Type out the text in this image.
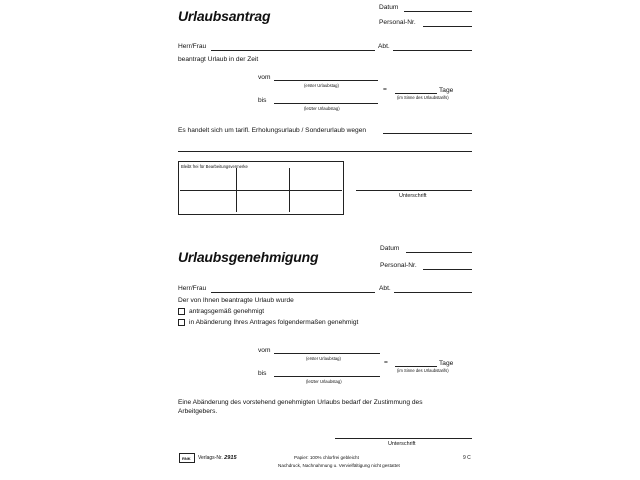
Urlaubsantrag
Datum
Personal-Nr.
Herr/Frau	Abt.
beantragt Urlaub in der Zeit
vom
(erster Urlaubstag)
bis
(letzter Urlaubstag)
=	Tage
(im Sinne des Urlaubstarifs)
Es handelt sich um tarifl. Erholungsurlaub / Sonderurlaub wegen
Bleibt frei für Bearbeitungsvermerke
Unterschrift
Datum
Urlaubsgenehmigung
Personal-Nr.
Herr/Frau	Abt.
Der von Ihnen beantragte Urlaub wurde
antragsgemäß genehmigt
in Abänderung Ihres Antrages folgendermaßen genehmigt
vom
(erster Urlaubstag)
bis
(letzter Urlaubstag)
=	Tage
(im Sinne des Urlaubstarifs)
Eine Abänderung des vorstehend genehmigten Urlaubs bedarf der Zustimmung des
Arbeitgebers.
Unterschrift
RNK Verlags-Nr. 2915	Papier: 100% chlorfrei gebleicht
Nachdruck, Nachnahmung u. Vervielfältigung nicht gestattet
9 C
